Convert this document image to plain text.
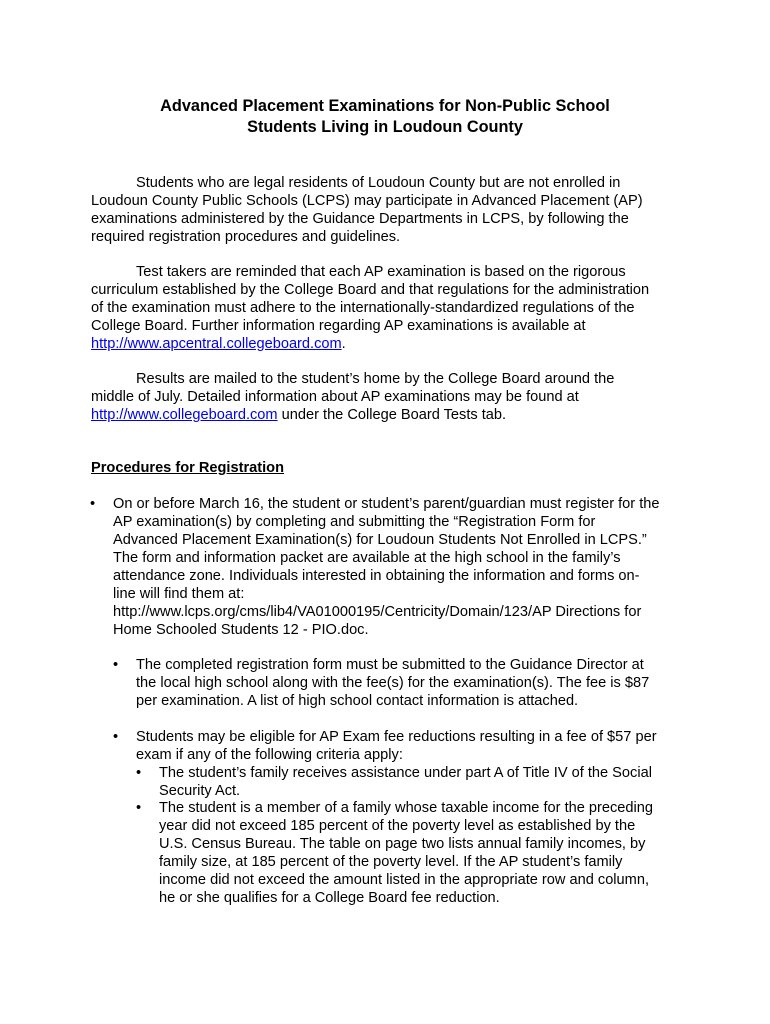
Advanced Placement Examinations for Non-Public School
Students Living in Loudoun County
Students who are legal residents of Loudoun County but are not enrolled in
Loudoun County Public Schools (LCPS) may participate in Advanced Placement (AP)
examinations administered by the Guidance Departments in LCPS, by following the
required registration procedures and guidelines.
Test takers are reminded that each AP examination is based on the rigorous
curriculum established by the College Board and that regulations for the administration
of the examination must adhere to the internationally-standardized regulations of the
College Board. Further information regarding AP examinations is available at
http://www.apcentral.collegeboard.com.
Results are mailed to the student’s home by the College Board around the
middle of July. Detailed information about AP examinations may be found at
http://www.collegeboard.com under the College Board Tests tab.
Procedures for Registration
• On or before March 16, the student or student’s parent/guardian must register for the
AP examination(s) by completing and submitting the “Registration Form for
Advanced Placement Examination(s) for Loudoun Students Not Enrolled in LCPS.”
The form and information packet are available at the high school in the family’s
attendance zone. Individuals interested in obtaining the information and forms on-
line will find them at:
http://www.lcps.org/cms/lib4/VA01000195/Centricity/Domain/123/AP Directions for
Home Schooled Students 12 - PIO.doc.
• The completed registration form must be submitted to the Guidance Director at
the local high school along with the fee(s) for the examination(s). The fee is $87
per examination. A list of high school contact information is attached.
• Students may be eligible for AP Exam fee reductions resulting in a fee of $57 per
exam if any of the following criteria apply:
• The student’s family receives assistance under part A of Title IV of the Social
Security Act.
• The student is a member of a family whose taxable income for the preceding
year did not exceed 185 percent of the poverty level as established by the
U.S. Census Bureau. The table on page two lists annual family incomes, by
family size, at 185 percent of the poverty level. If the AP student’s family
income did not exceed the amount listed in the appropriate row and column,
he or she qualifies for a College Board fee reduction.
